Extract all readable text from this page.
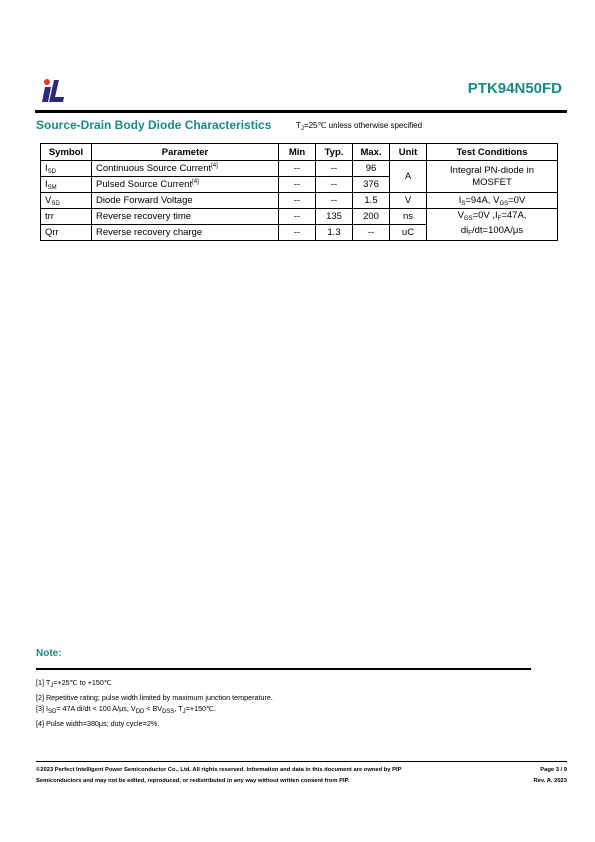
PTK94N50FD
Source-Drain Body Diode Characteristics	$T_J=25℃$ unless otherwise specified
Symbol	Parameter	Min	Typ.	Max.	Unit	Test Conditions
$I_{SD}$	Continuous Source Current[4]	--	--	96	A	Integral PN-diode in MOSFET
$I_{SM}$	Pulsed Source Current[4]	--	--	376		
$V_{SD}$	Diode Forward Voltage	--	--	1.5	V	$I_S=94A$, $V_{GS}=0V$
trr	Reverse recovery time	--	135	200	ns	$V_{GS}=0V$ $,I_F=47A$,
$di_F/dt=100A/\mu s$
Qrr	Reverse recovery charge	--	1.3	--	uC	
Note:
[1] $T_J=+25℃$ to +150℃
[2] Repetitive rating; pulse width limited by maximum junction temperature.
[3] $I_{SD}= 47A$ di/dt < 100 A/μs, $V_{DD} < BV_{DSS}$, $T_J=+150℃$.
[4] Pulse width=380μs; duty cycle=2%.
©2023 Perfect Intelligent Power Semiconductor Co., Ltd. All rights reserved. Information and data in this document are owned by PIP
Semiconductors and may not be edited, reproduced, or redistributed in any way without written consent from PIP.
Page 3 / 9
Rev. A. 2023
